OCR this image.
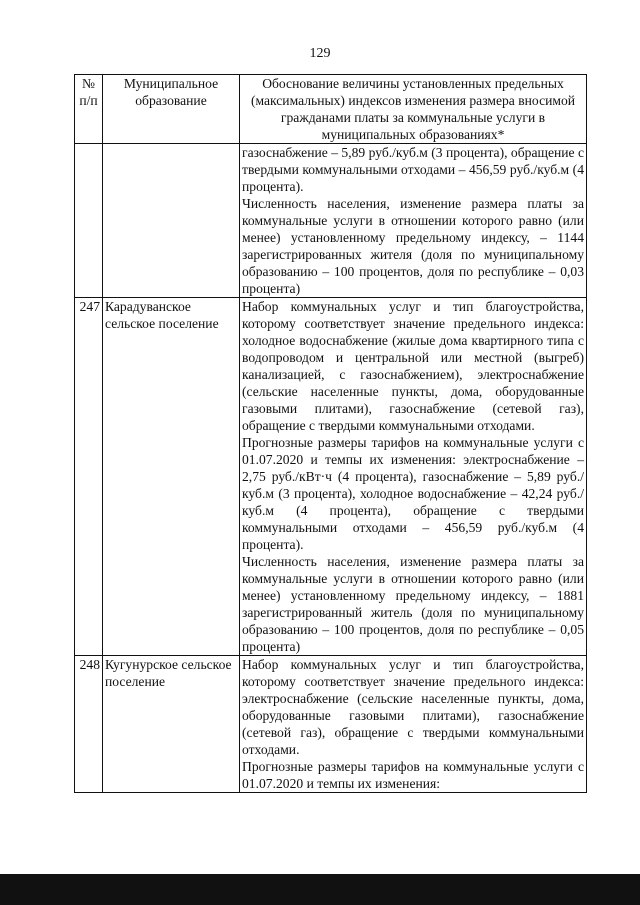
129
№ п/п	Муниципальное образование	Обоснование величины установленных предельных (максимальных) индексов изменения размера вносимой гражданами платы за коммунальные услуги в муниципальных образованиях*

		газоснабжение – 5,89 руб./куб.м (3 процента), обращение с твердыми коммунальными отходами – 456,59 руб./куб.м (4 процента).

Численность населения, изменение размера платы за коммунальные услуги в отношении которого равно (или менее) установленному предельному индексу, – 1144 зарегистрированных жителя (доля по муниципальному образованию – 100 процентов, доля по республике – 0,03 процента)

247	Карадуванское сельское поселение	Набор коммунальных услуг и тип благоустройства, которому соответствует значение предельного индекса: холодное водоснабжение (жилые дома квартирного типа с водопроводом и центральной или местной (выгреб) канализацией, с газоснабжением), электроснабжение (сельские населенные пункты, дома, оборудованные газовыми плитами), газоснабжение (сетевой газ), обращение с твердыми коммунальными отходами.

Прогнозные размеры тарифов на коммунальные услуги с 01.07.2020 и темпы их изменения: электроснабжение – 2,75 руб./кВт·ч (4 процента), газоснабжение – 5,89 руб./куб.м (3 процента), холодное водоснабжение – 42,24 руб./куб.м (4 процента), обращение с твердыми коммунальными отходами – 456,59 руб./куб.м (4 процента).

Численность населения, изменение размера платы за коммунальные услуги в отношении которого равно (или менее) установленному предельному индексу, – 1881 зарегистрированный житель (доля по муниципальному образованию – 100 процентов, доля по республике – 0,05 процента)

248	Кугунурское сельское поселение	Набор коммунальных услуг и тип благоустройства, которому соответствует значение предельного индекса: электроснабжение (сельские населенные пункты, дома, оборудованные газовыми плитами), газоснабжение (сетевой газ), обращение с твердыми коммунальными отходами.

Прогнозные размеры тарифов на коммунальные услуги с 01.07.2020 и темпы их изменения:
